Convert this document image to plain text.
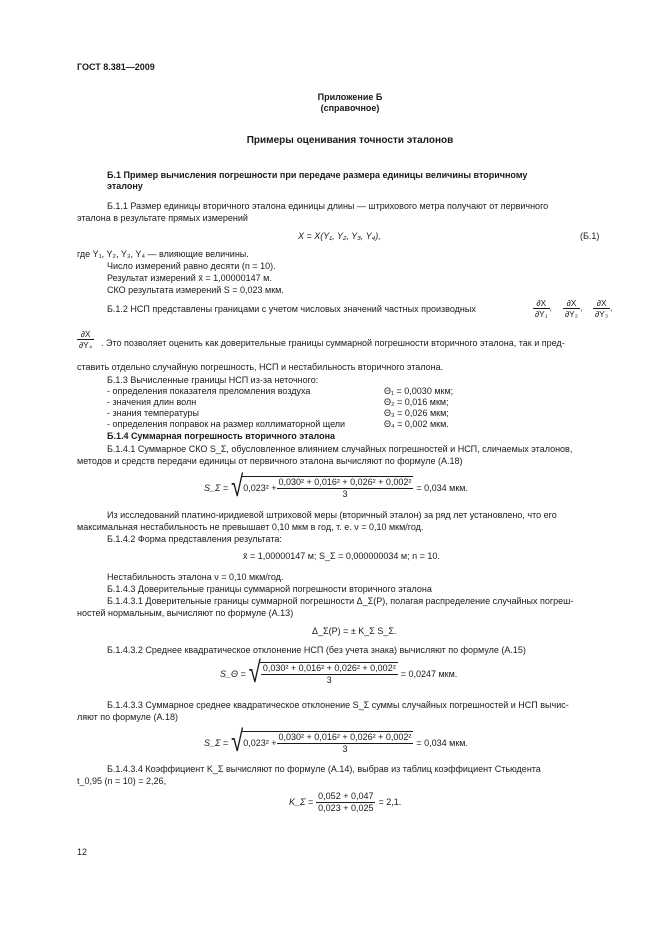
ГОСТ 8.381—2009
Приложение Б
(справочное)
Примеры оценивания точности эталонов
Б.1 Пример вычисления погрешности при передаче размера единицы величины вторичному
эталону
Б.1.1 Размер единицы вторичного эталона единицы длины — штрихового метра получают от первичного
эталона в результате прямых измерений
X = X(Y₁, Y₂, Y₃, Y₄),	(Б.1)
где Y₁, Y₂, Y₃, Y₄ — влияющие величины.
Число измерений равно десяти (n = 10).
Результат измерений x̄ = 1,00000147 м.
СКО результата измерений S = 0,023 мкм.
Б.1.2 НСП представлены границами с учетом числовых значений частных производных	$\frac{\partial X}{\text{∂Y₁}}$ , $\frac{\partial X}{\text{∂Y₂}}$ , $\frac{\partial X}{\text{∂Y₃}}$ ,
$\frac{\partial X}{\text{∂Y₄}}$ . Это позволяет оценить как доверительные границы суммарной погрешности вторичного эталона, так и пред-
ставить отдельно случайную погрешность, НСП и нестабильность вторичного эталона.
Б.1.3 Вычисленные границы НСП из-за неточного:
- определения показателя преломления воздуха	Θ₁ = 0,0030 мкм;
- значения длин волн	Θ₂ = 0,016 мкм;
- знания температуры	Θ₃ = 0,026 мкм;
- определения поправок на размер коллиматорной щели	Θ₄ = 0,002 мкм.
Б.1.4 Суммарная погрешность вторичного эталона
Б.1.4.1 Суммарное СКО S_Σ, обусловленное влиянием случайных погрешностей и НСП, сличаемых эталонов,
методов и средств передачи единицы от первичного эталона вычисляют по формуле (А.18)
S_Σ = √ $0,023^2 + \frac{\text{0,030² + 0,016² + 0,026² + 0,002²}}{3} = 0,034$ мкм.
Из исследований платино-иридиевой штриховой меры (вторичный эталон) за ряд лет установлено, что его
максимальная нестабильность не превышает 0,10 мкм в год, т. е. ν = 0,10 мкм/год.
Б.1.4.2 Форма представления результата:
x̄ = 1,00000147 м; S_Σ = 0,000000034 м; n = 10.
Нестабильность эталона ν = 0,10 мкм/год.
Б.1.4.3 Доверительные границы суммарной погрешности вторичного эталона
Б.1.4.3.1 Доверительные границы суммарной погрешности Δ_Σ(P), полагая распределение случайных погреш-
ностей нормальным, вычисляют по формуле (А.13)
Δ_Σ(P) = ± K_Σ S_Σ.
Б.1.4.3.2 Среднее квадратическое отклонение НСП (без учета знака) вычисляют по формуле (А.15)
S_Θ = √ $\frac{\text{0,030² + 0,016² + 0,026² + 0,002²}}{3} = 0,0247$ мкм.
Б.1.4.3.3 Суммарное среднее квадратическое отклонение S_Σ суммы случайных погрешностей и НСП вычис-
ляют по формуле (А.18)
S_Σ = √ $0,023^2 + \frac{\text{0,030² + 0,016² + 0,026² + 0,002²}}{3} = 0,034$ мкм.
Б.1.4.3.4 Коэффициент K_Σ вычисляют по формуле (А.14), выбрав из таблиц коэффициент Стьюдента
t_0,95 (n = 10) = 2,26,
K_Σ = $\frac{0,052 + 0,047}{0,023 + 0,025} = 2,1$.
12
